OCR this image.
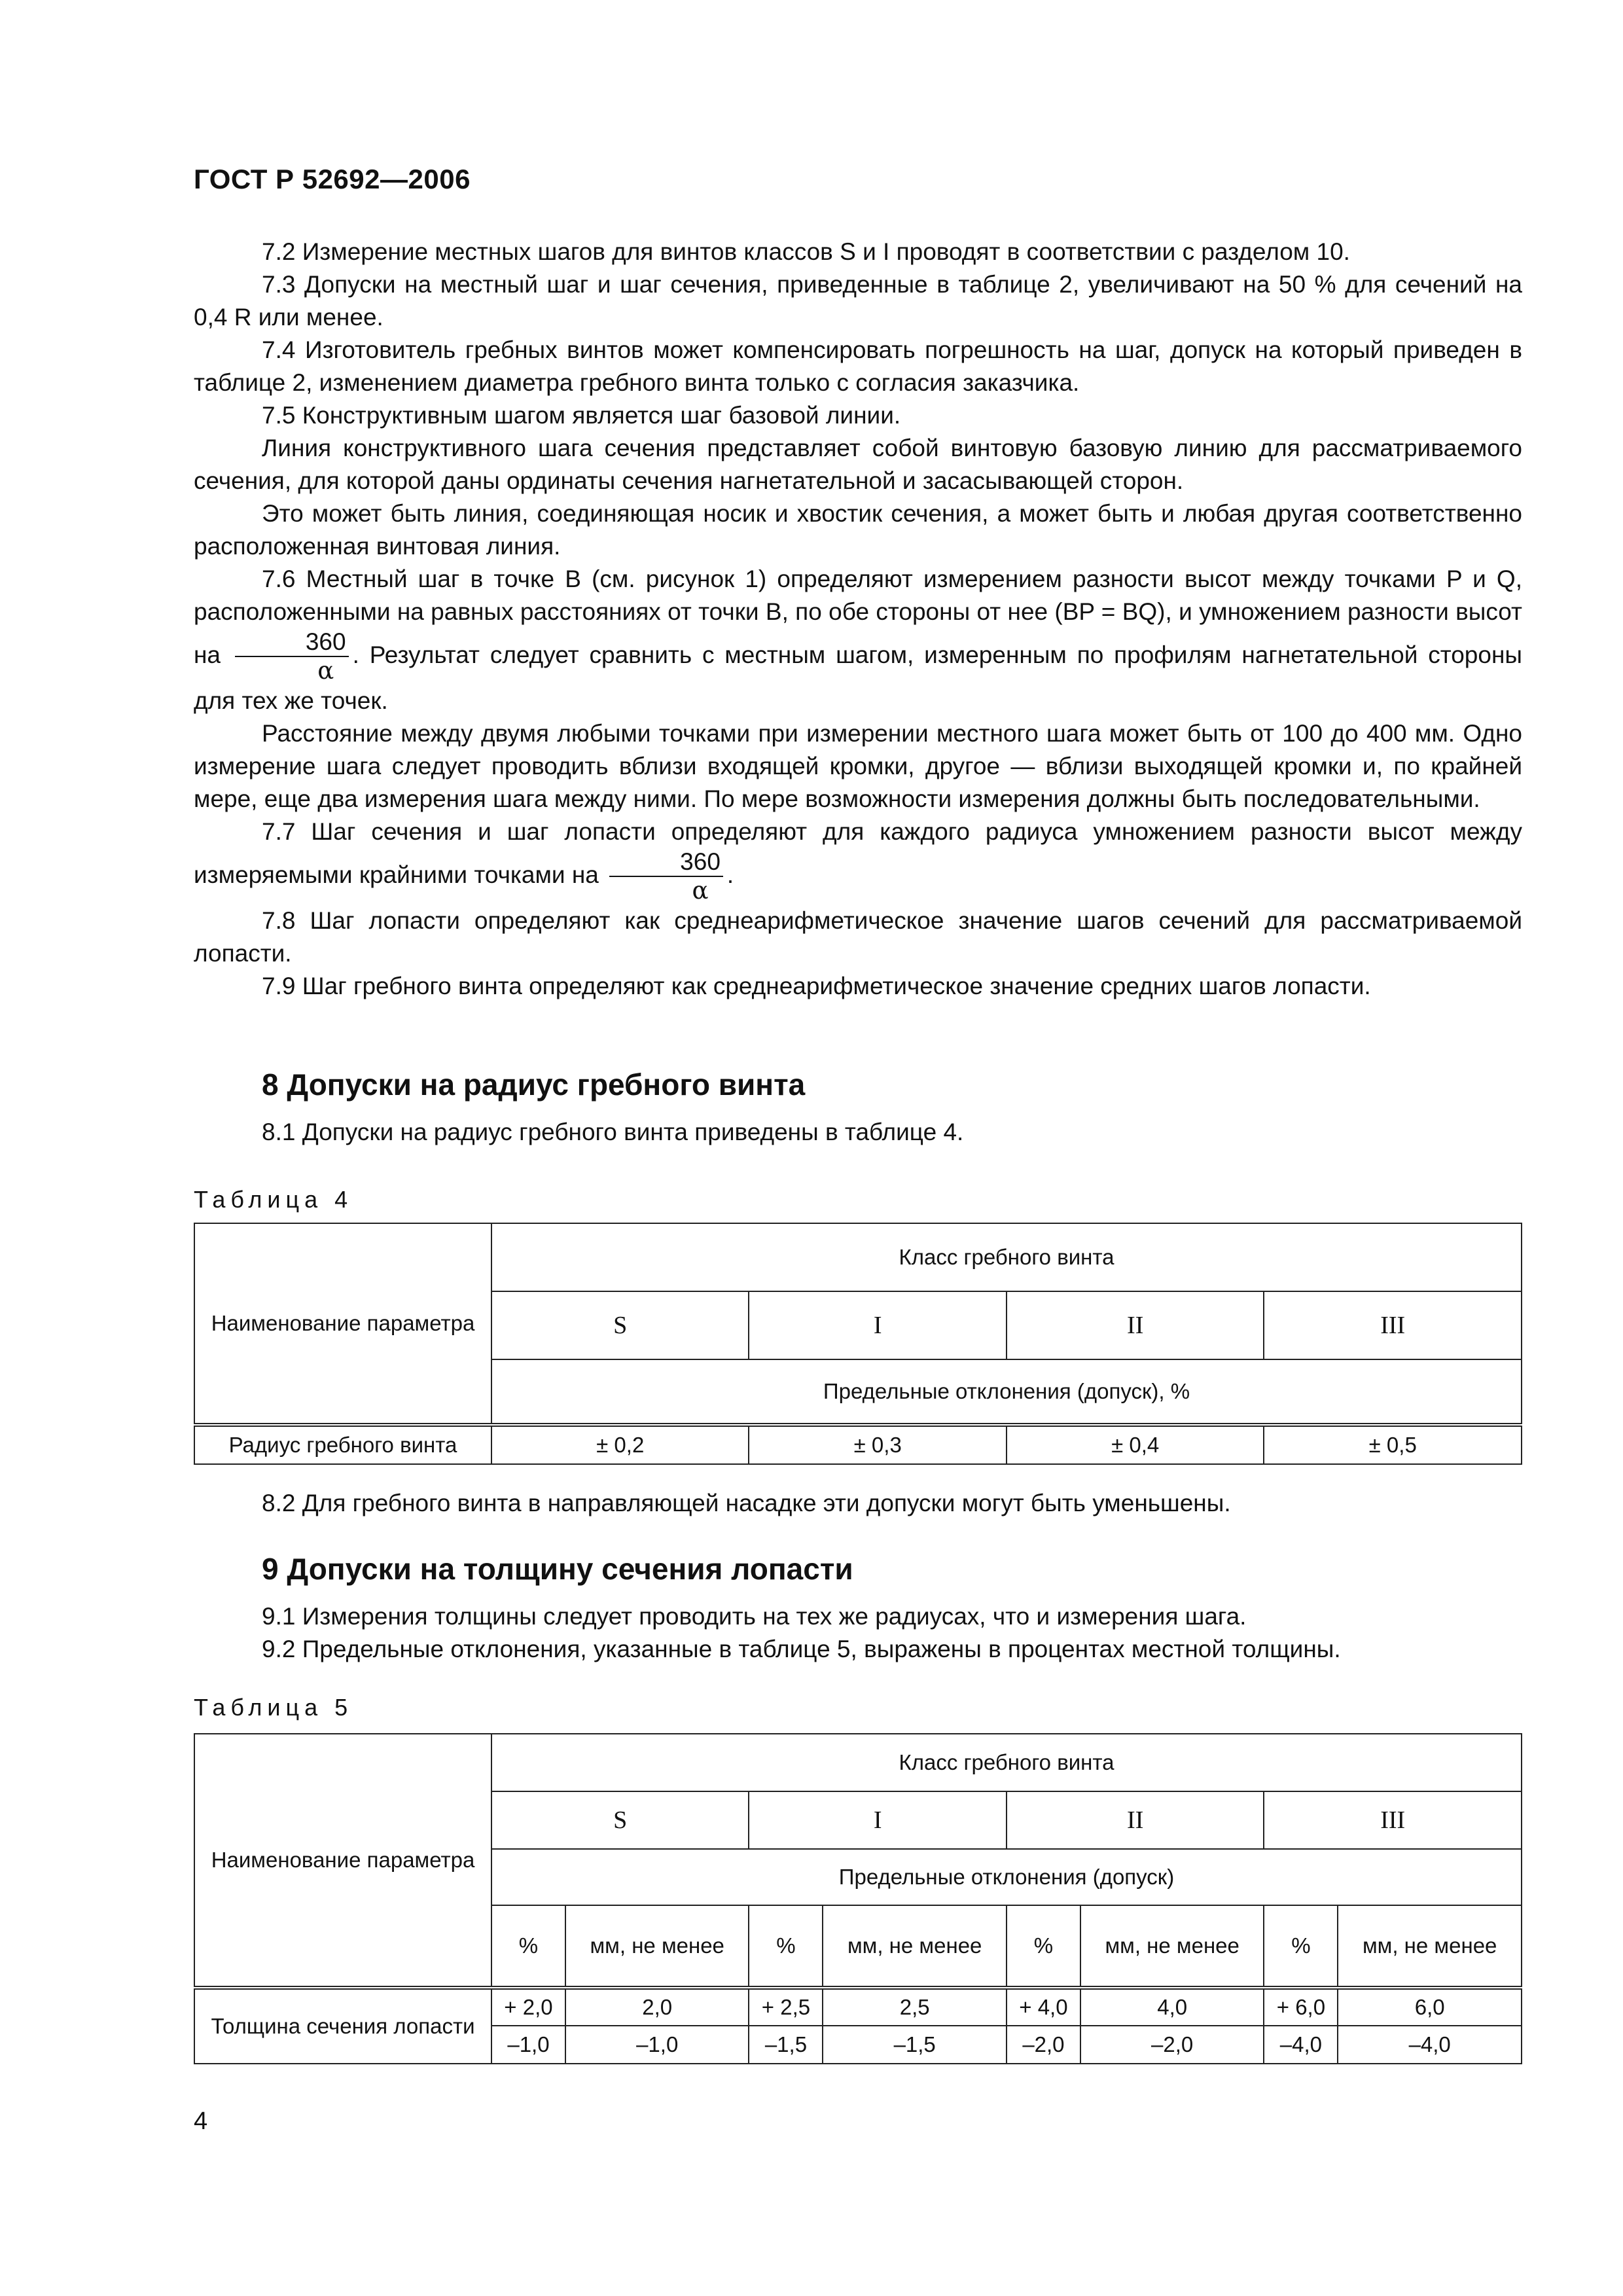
ГОСТ Р 52692—2006

7.2 Измерение местных шагов для винтов классов S и I проводят в соответствии с разделом 10.

7.3 Допуски на местный шаг и шаг сечения, приведенные в таблице 2, увеличивают на 50 % для сечений на 0,4 R или менее.

7.4 Изготовитель гребных винтов может компенсировать погрешность на шаг, допуск на который приведен в таблице 2, изменением диаметра гребного винта только с согласия заказчика.

7.5 Конструктивным шагом является шаг базовой линии.

Линия конструктивного шага сечения представляет собой винтовую базовую линию для рассматриваемого сечения, для которой даны ординаты сечения нагнетательной и засасывающей сторон.

Это может быть линия, соединяющая носик и хвостик сечения, а может быть и любая другая соответственно расположенная винтовая линия.

7.6 Местный шаг в точке B (см. рисунок 1) определяют измерением разности высот между точками P и Q, расположенными на равных расстояниях от точки B, по обе стороны от нее (BP = BQ), и умножением разности высот на $\frac{360}{\alpha}$ . Результат следует сравнить с местным шагом, измеренным по профилям нагнетательной стороны для тех же точек.

Расстояние между двумя любыми точками при измерении местного шага может быть от 100 до 400 мм. Одно измерение шага следует проводить вблизи входящей кромки, другое — вблизи выходящей кромки и, по крайней мере, еще два измерения шага между ними. По мере возможности измерения должны быть последовательными.

7.7 Шаг сечения и шаг лопасти определяют для каждого радиуса умножением разности высот между измеряемыми крайними точками на $\frac{360}{\alpha}$ .

7.8 Шаг лопасти определяют как среднеарифметическое значение шагов сечений для рассматриваемой лопасти.

7.9 Шаг гребного винта определяют как среднеарифметическое значение средних шагов лопасти.

8 Допуски на радиус гребного винта

8.1 Допуски на радиус гребного винта приведены в таблице 4.

Таблица 4
Наименование параметра	Класс гребного винта			
	S	I	II	III
	Предельные отклонения (допуск), %			
Радиус гребного винта	± 0,2	± 0,3	± 0,4	± 0,5

8.2 Для гребного винта в направляющей насадке эти допуски могут быть уменьшены.

9 Допуски на толщину сечения лопасти

9.1 Измерения толщины следует проводить на тех же радиусах, что и измерения шага.

9.2 Предельные отклонения, указанные в таблице 5, выражены в процентах местной толщины.

Таблица 5
Наименование параметра	Класс гребного винта							
	S		I		II		III	
	Предельные отклонения (допуск)							
	%	мм, не менее	%	мм, не менее	%	мм, не менее	%	мм, не менее
Толщина сечения лопасти	+ 2,0	2,0	+ 2,5	2,5	+ 4,0	4,0	+ 6,0	6,0
	–1,0	–1,0	–1,5	–1,5	–2,0	–2,0	–4,0	–4,0
4
